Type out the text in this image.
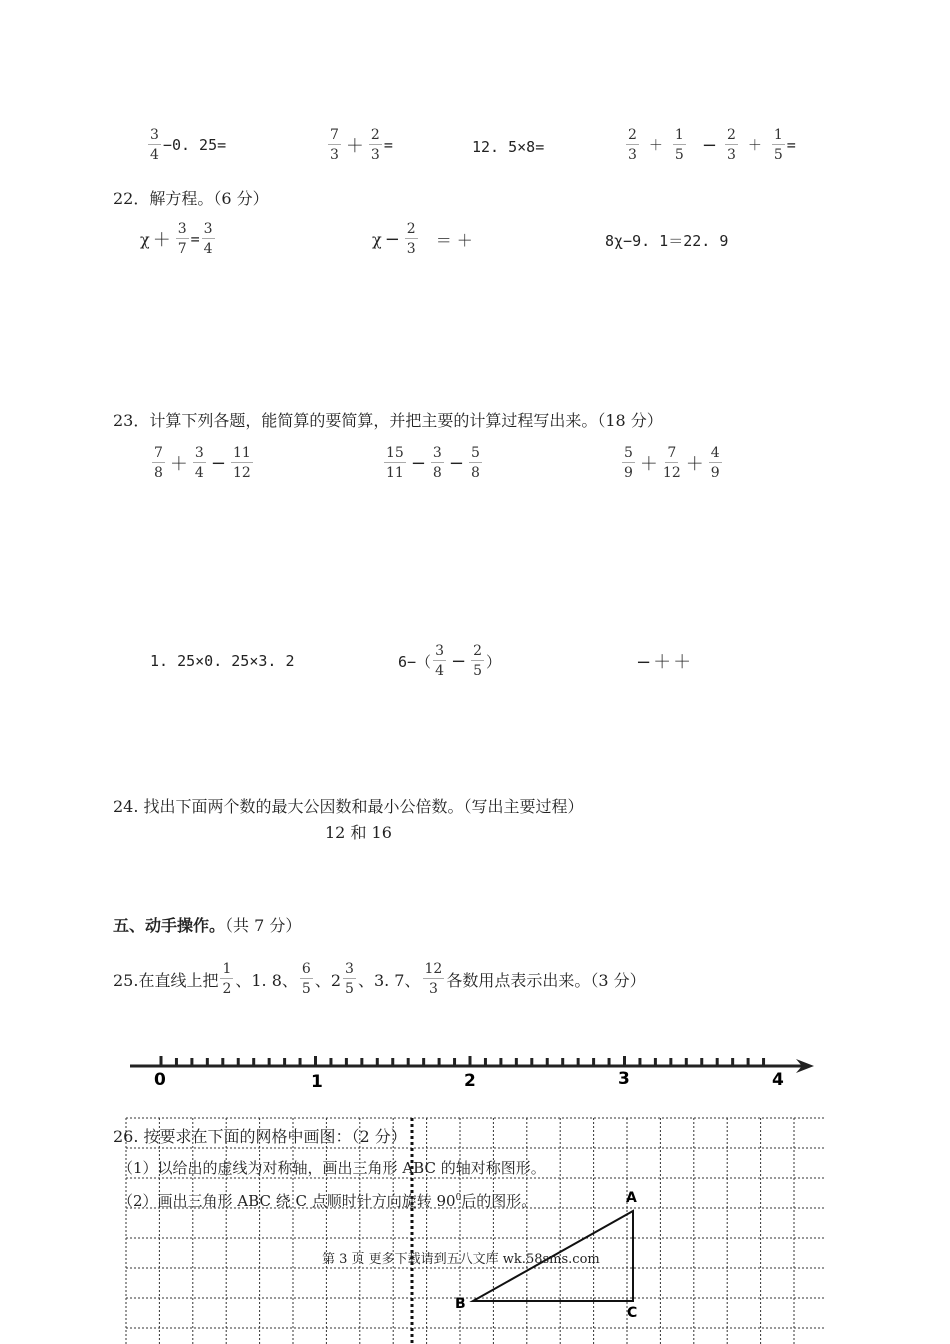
$\frac{3}{4} -0$. 25=	$\frac{7}{3} + \frac{2}{3}$ =	12. 5×8=	$\frac{2}{3} + \frac{1}{5} - \frac{2}{3} + \frac{1}{5}$ =
22．解方程。（6 分）
$\chi + \frac{3}{7} = \frac{3}{4}$	$\chi - \frac{2}{3}$ ＝ ＋	8χ−9. 1＝22. 9
23．计算下列各题，能简算的要简算，并把主要的计算过程写出来。（18 分）
$\frac{7}{8} + \frac{3}{4} - \frac{11}{12}$	$\frac{15}{11} - \frac{3}{8} - \frac{5}{8}$	$\frac{5}{9} + \frac{7}{12} + \frac{4}{9}$
1. 25×0. 25×3. 2	$6-( \frac{3}{4} - \frac{2}{5}$ ）	−＋＋
24. 找出下面两个数的最大公因数和最小公倍数。（写出主要过程）
12 和 16
五、动手操作。（共 7 分）
25.在直线上把 $\frac{1}{2}$ 、1. 8、 $\frac{6}{5}$ 、$2 \frac{3}{5}$ 、3. 7、 $\frac{12}{3}$ 各数用点表示出来。（3 分）
0	1	2	3	4
A
B
C
26. 按要求在下面的网格中画图：（2 分）
（1）以给出的虚线为对称轴，画出三角形 ABC 的轴对称图形。
（2）画出三角形 ABC 绕 C 点顺时针方向旋转 $90^0$后的图形。
第 3 页 更多下载请到五八文库 wk.58sms.com
